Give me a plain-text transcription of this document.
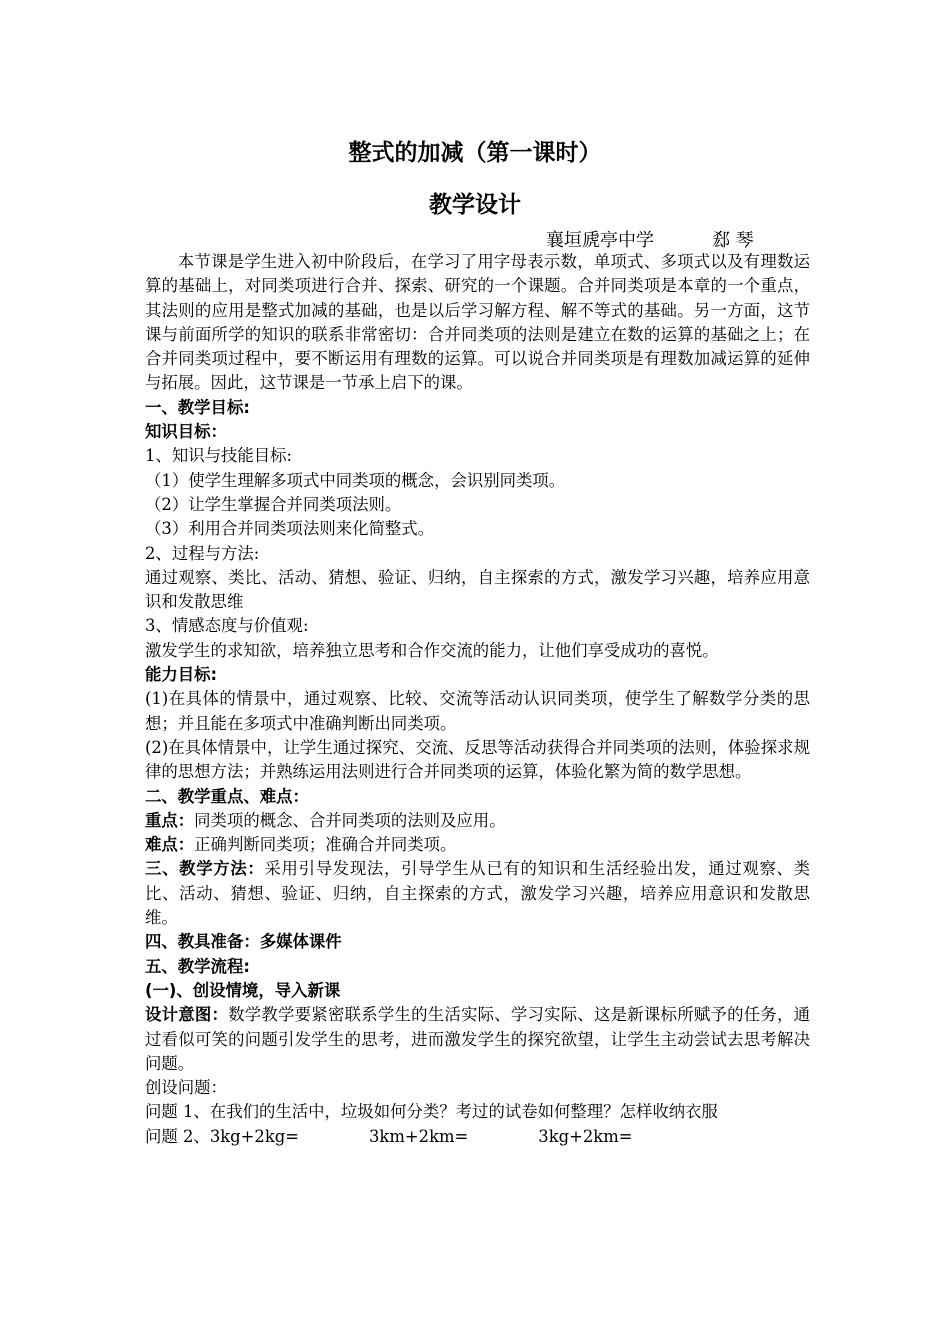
整式的加减（第一课时）
教学设计
襄垣虒亭中学	郄 琴

本节课是学生进入初中阶段后，在学习了用字母表示数，单项式、多项式以及有理数运算的基础上，对同类项进行合并、探索、研究的一个课题。合并同类项是本章的一个重点，其法则的应用是整式加减的基础，也是以后学习解方程、解不等式的基础。另一方面，这节课与前面所学的知识的联系非常密切：合并同类项的法则是建立在数的运算的基础之上；在合并同类项过程中，要不断运用有理数的运算。可以说合并同类项是有理数加减运算的延伸与拓展。因此，这节课是一节承上启下的课。

一、教学目标:

知识目标：

1、知识与技能目标:

（1）使学生理解多项式中同类项的概念，会识别同类项。

（2）让学生掌握合并同类项法则。

（3）利用合并同类项法则来化简整式。

2、过程与方法:

通过观察、类比、活动、猜想、验证、归纳，自主探索的方式，激发学习兴趣，培养应用意识和发散思维

3、情感态度与价值观:

激发学生的求知欲，培养独立思考和合作交流的能力，让他们享受成功的喜悦。

能力目标:

(1)在具体的情景中，通过观察、比较、交流等活动认识同类项，使学生了解数学分类的思想；并且能在多项式中准确判断出同类项。

(2)在具体情景中，让学生通过探究、交流、反思等活动获得合并同类项的法则，体验探求规律的思想方法；并熟练运用法则进行合并同类项的运算，体验化繁为简的数学思想。

二、教学重点、难点：

重点：同类项的概念、合并同类项的法则及应用。

难点：正确判断同类项；准确合并同类项。

三、教学方法：采用引导发现法，引导学生从已有的知识和生活经验出发，通过观察、类比、活动、猜想、验证、归纳，自主探索的方式，激发学习兴趣，培养应用意识和发散思维。

四、教具准备：多媒体课件

五、教学流程:

(一)、创设情境，导入新课

设计意图：数学教学要紧密联系学生的生活实际、学习实际、这是新课标所赋予的任务，通过看似可笑的问题引发学生的思考，进而激发学生的探究欲望，让学生主动尝试去思考解决问题。

创设问题：

问题 1、在我们的生活中，垃圾如何分类？考过的试卷如何整理？怎样收纳衣服

问题 2、3kg+2kg=	3km+2km=	3kg+2km=
